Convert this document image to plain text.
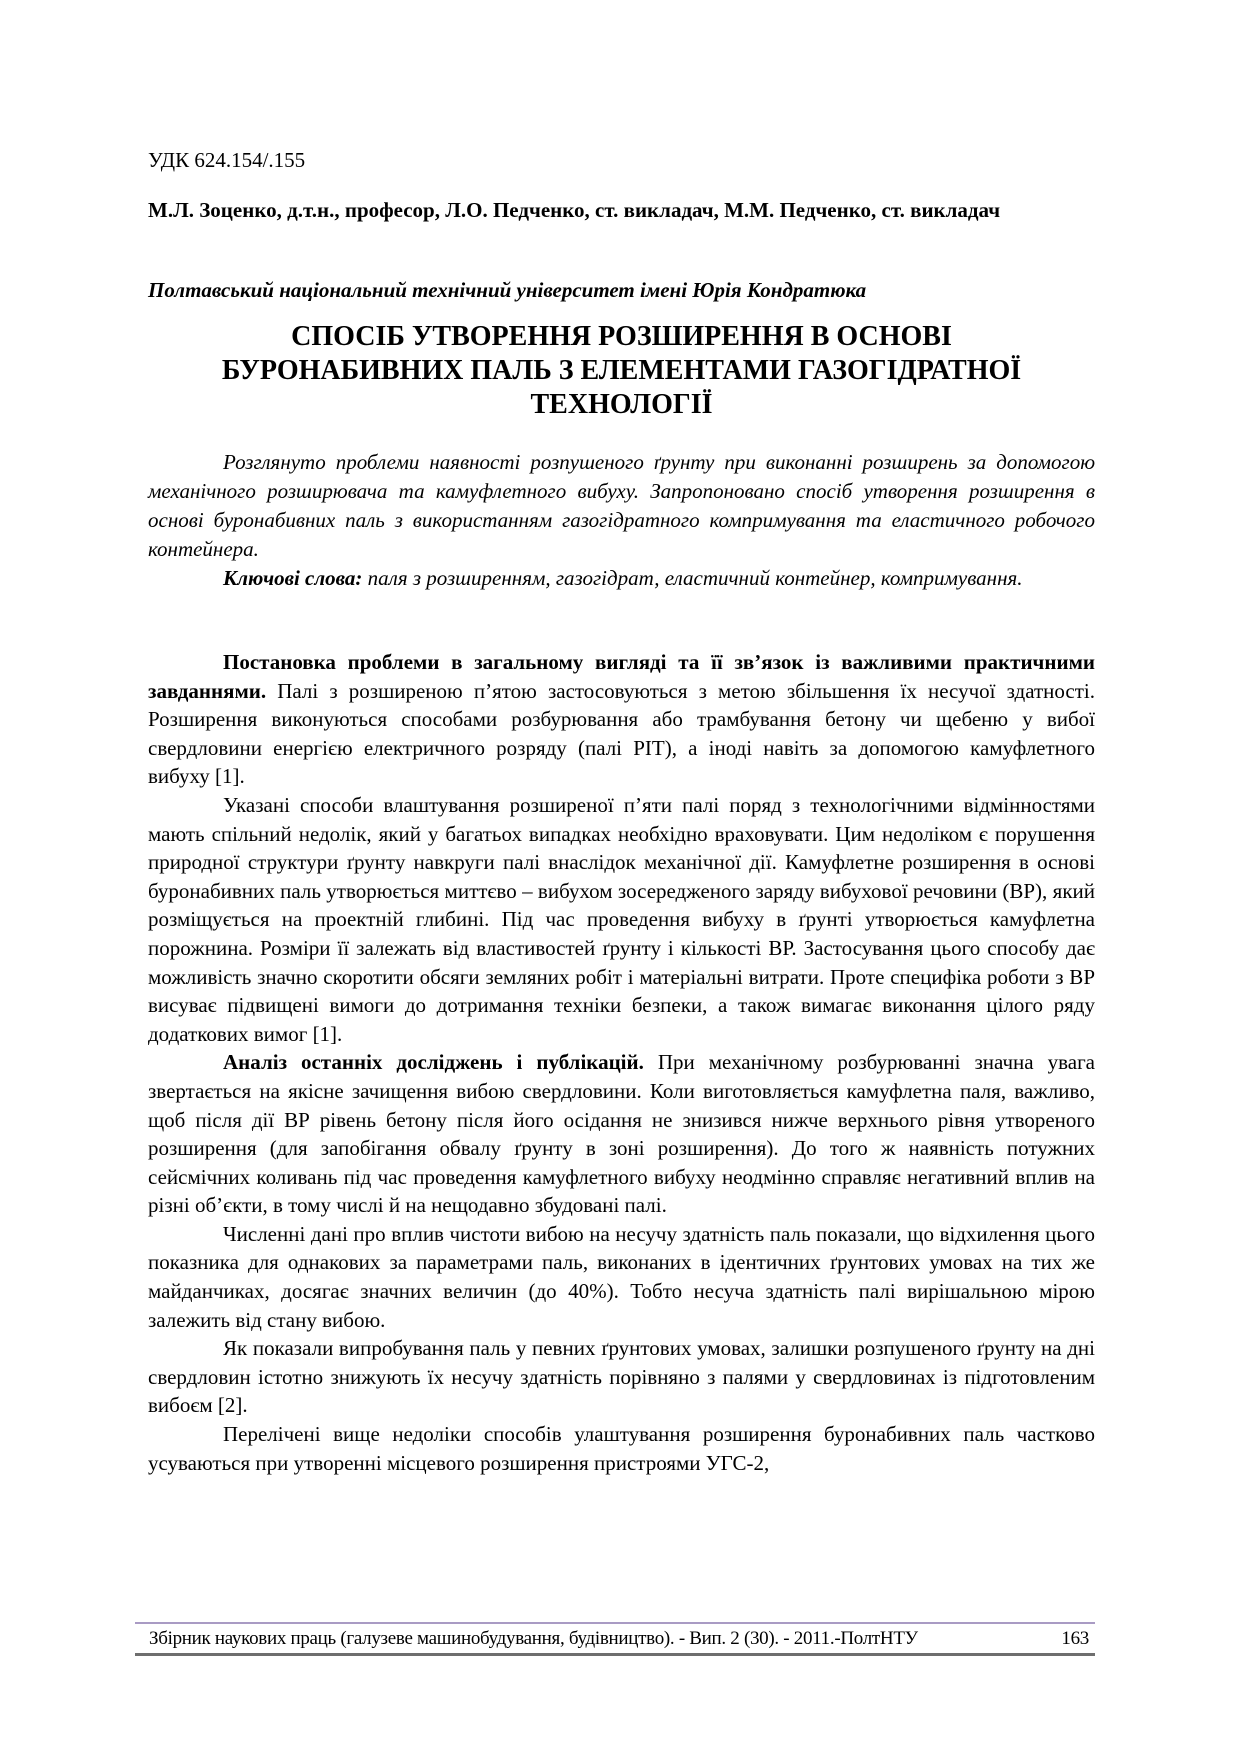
УДК 624.154/.155
М.Л. Зоценко, д.т.н., професор, Л.О. Педченко, ст. викладач, М.М. Педченко, ст. викладач
Полтавський національний технічний університет імені Юрія Кондратюка
СПОСІБ УТВОРЕННЯ РОЗШИРЕННЯ В ОСНОВІ
БУРОНАБИВНИХ ПАЛЬ З ЕЛЕМЕНТАМИ ГАЗОГІДРАТНОЇ
ТЕХНОЛОГІЇ

Розглянуто проблеми наявності розпушеного ґрунту при виконанні розширень за допомогою механічного розширювача та камуфлетного вибуху. Запропоновано спосіб утворення розширення в основі буронабивних паль з використанням газогідратного компримування та еластичного робочого контейнера.

Ключові слова: паля з розширенням, газогідрат, еластичний контейнер, компримування.

Постановка проблеми в загальному вигляді та її зв’язок із важливими практичними завданнями. Палі з розширеною п’ятою застосовуються з метою збільшення їх несучої здатності. Розширення виконуються способами розбурювання або трамбування бетону чи щебеню у вибої свердловини енергією електричного розряду (палі РІТ), а іноді навіть за допомогою камуфлетного вибуху [1].

Указані способи влаштування розширеної п’яти палі поряд з технологічними відмінностями мають спільний недолік, який у багатьох випадках необхідно враховувати. Цим недоліком є порушення природної структури ґрунту навкруги палі внаслідок механічної дії. Камуфлетне розширення в основі буронабивних паль утворюється миттєво – вибухом зосередженого заряду вибухової речовини (ВР), який розміщується на проектній глибині. Під час проведення вибуху в ґрунті утворюється камуфлетна порожнина. Розміри її залежать від властивостей ґрунту і кількості ВР. Застосування цього способу дає можливість значно скоротити обсяги земляних робіт і матеріальні витрати. Проте специфіка роботи з ВР висуває підвищені вимоги до дотримання техніки безпеки, а також вимагає виконання цілого ряду додаткових вимог [1].

Аналіз останніх досліджень і публікацій. При механічному розбурюванні значна увага звертається на якісне зачищення вибою свердловини. Коли виготовляється камуфлетна паля, важливо, щоб після дії ВР рівень бетону після його осідання не знизився нижче верхнього рівня утвореного розширення (для запобігання обвалу ґрунту в зоні розширення). До того ж наявність потужних сейсмічних коливань під час проведення камуфлетного вибуху неодмінно справляє негативний вплив на різні об’єкти, в тому числі й на нещодавно збудовані палі.

Численні дані про вплив чистоти вибою на несучу здатність паль показали, що відхилення цього показника для однакових за параметрами паль, виконаних в ідентичних ґрунтових умовах на тих же майданчиках, досягає значних величин (до 40%). Тобто несуча здатність палі вирішальною мірою залежить від стану вибою.

Як показали випробування паль у певних ґрунтових умовах, залишки розпушеного ґрунту на дні свердловин істотно знижують їх несучу здатність порівняно з палями у свердловинах із підготовленим вибоєм [2].

Перелічені вище недоліки способів улаштування розширення буронабивних паль частково усуваються при утворенні місцевого розширення пристроями УГС-2,

Збірник наукових праць (галузеве машинобудування, будівництво). - Вип. 2 (30). - 2011.-ПолтНТУ	163
